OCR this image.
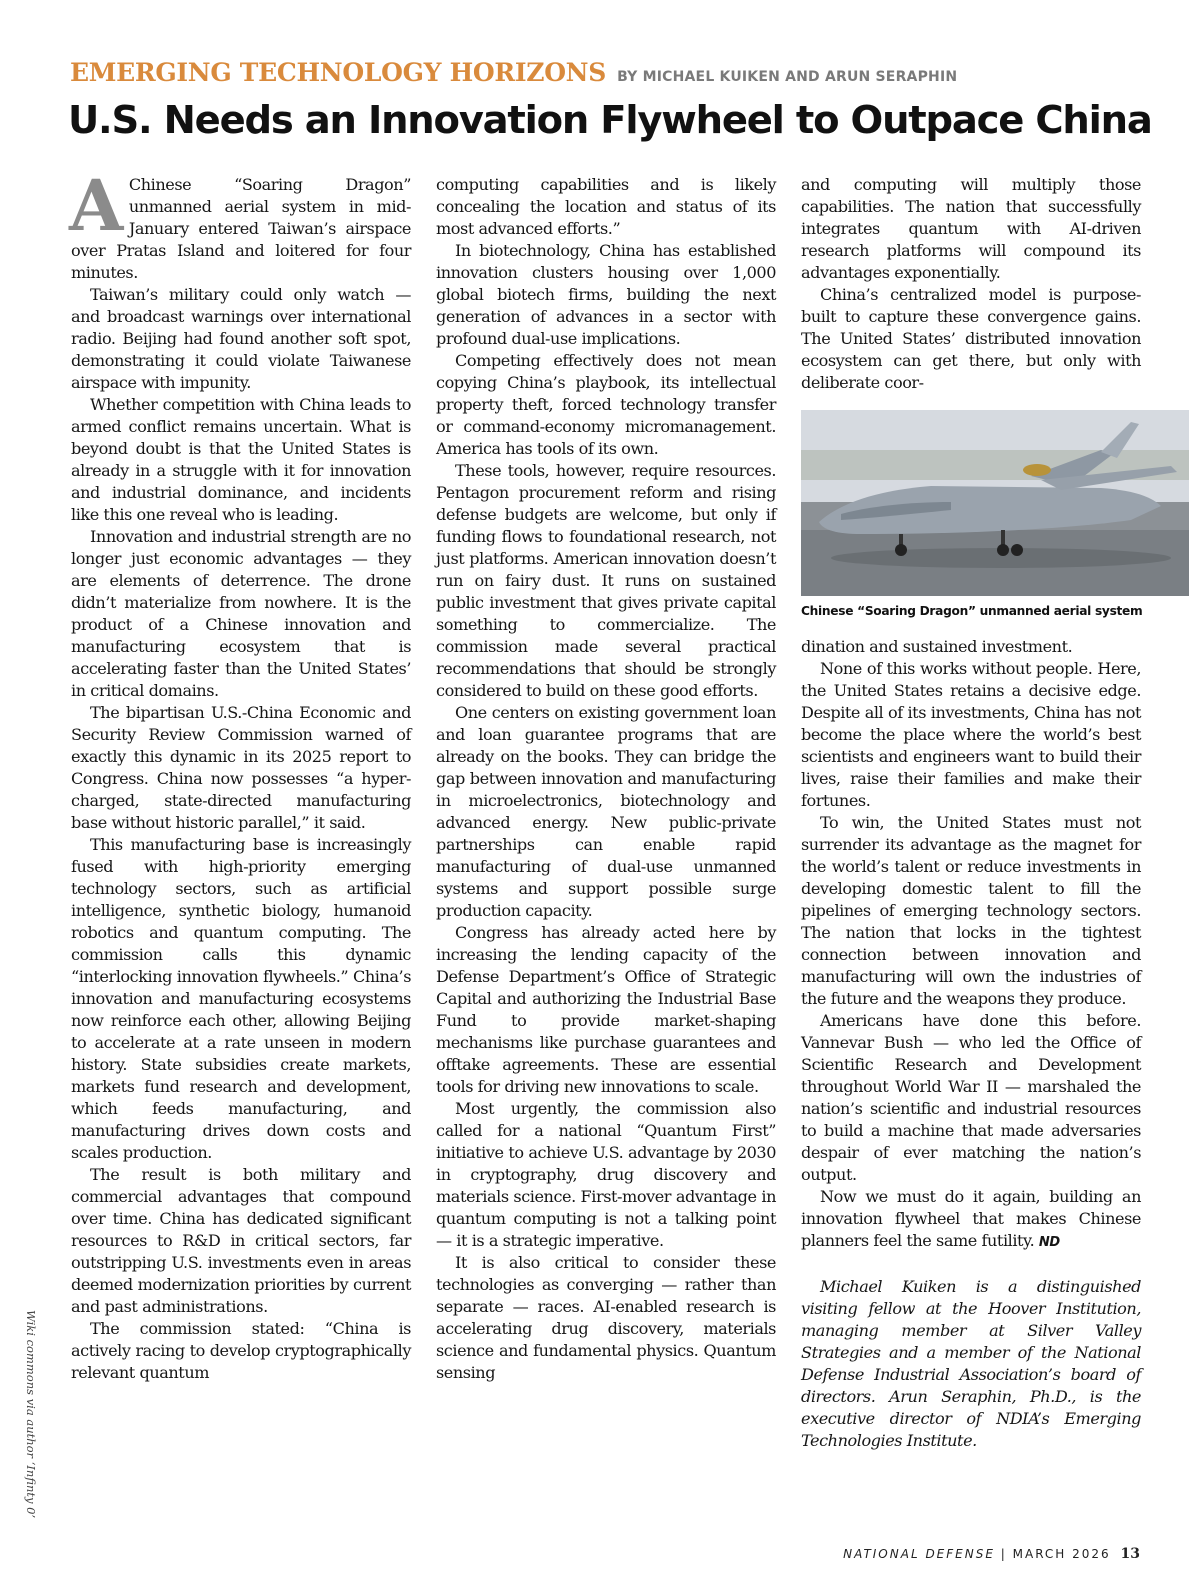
EMERGING TECHNOLOGY HORIZONS BY MICHAEL KUIKEN AND ARUN SERAPHIN
U.S. Needs an Innovation Flywheel to Outpace China

A Chinese “Soaring Dragon” unmanned aerial system in mid-January entered Taiwan’s airspace over Pratas Island and loitered for four minutes.

Taiwan’s military could only watch — and broadcast warnings over international radio. Beijing had found another soft spot, demonstrating it could violate Taiwanese airspace with impunity.

Whether competition with China leads to armed conflict remains uncertain. What is beyond doubt is that the United States is already in a struggle with it for innovation and industrial dominance, and incidents like this one reveal who is leading.

Innovation and industrial strength are no longer just economic advantages — they are elements of deterrence. The drone didn’t materialize from nowhere. It is the product of a Chinese innovation and manufacturing ecosystem that is accelerating faster than the United States’ in critical domains.

The bipartisan U.S.-China Economic and Security Review Commission warned of exactly this dynamic in its 2025 report to Congress. China now possesses “a hyper-charged, state-directed manufacturing base without historic parallel,” it said.

This manufacturing base is increasingly fused with high-priority emerging technology sectors, such as artificial intelligence, synthetic biology, humanoid robotics and quantum computing. The commission calls this dynamic “interlocking innovation flywheels.” China’s innovation and manufacturing ecosystems now reinforce each other, allowing Beijing to accelerate at a rate unseen in modern history. State subsidies create markets, markets fund research and development, which feeds manufacturing, and manufacturing drives down costs and scales production.

The result is both military and commercial advantages that compound over time. China has dedicated significant resources to R&D in critical sectors, far outstripping U.S. investments even in areas deemed modernization priorities by current and past administrations.

The commission stated: “China is actively racing to develop cryptographically relevant quantum

computing capabilities and is likely concealing the location and status of its most advanced efforts.”

In biotechnology, China has established innovation clusters housing over 1,000 global biotech firms, building the next generation of advances in a sector with profound dual-use implications.

Competing effectively does not mean copying China’s playbook, its intellectual property theft, forced technology transfer or command-economy micromanagement. America has tools of its own.

These tools, however, require resources. Pentagon procurement reform and rising defense budgets are welcome, but only if funding flows to foundational research, not just platforms. American innovation doesn’t run on fairy dust. It runs on sustained public investment that gives private capital something to commercialize. The commission made several practical recommendations that should be strongly considered to build on these good efforts.

One centers on existing government loan and loan guarantee programs that are already on the books. They can bridge the gap between innovation and manufacturing in microelectronics, biotechnology and advanced energy. New public-private partnerships can enable rapid manufacturing of dual-use unmanned systems and support possible surge production capacity.

Congress has already acted here by increasing the lending capacity of the Defense Department’s Office of Strategic Capital and authorizing the Industrial Base Fund to provide market-shaping mechanisms like purchase guarantees and offtake agreements. These are essential tools for driving new innovations to scale.

Most urgently, the commission also called for a national “Quantum First” initiative to achieve U.S. advantage by 2030 in cryptography, drug discovery and materials science. First-mover advantage in quantum computing is not a talking point — it is a strategic imperative.

It is also critical to consider these technologies as converging — rather than separate — races. AI-enabled research is accelerating drug discovery, materials science and fundamental physics. Quantum sensing

and computing will multiply those capabilities. The nation that successfully integrates quantum with AI-driven research platforms will compound its advantages exponentially.

China’s centralized model is purpose-built to capture these convergence gains. The United States’ distributed innovation ecosystem can get there, but only with deliberate coor-

Chinese “Soaring Dragon” unmanned aerial system

dination and sustained investment.

None of this works without people. Here, the United States retains a decisive edge. Despite all of its investments, China has not become the place where the world’s best scientists and engineers want to build their lives, raise their families and make their fortunes.

To win, the United States must not surrender its advantage as the magnet for the world’s talent or reduce investments in developing domestic talent to fill the pipelines of emerging technology sectors. The nation that locks in the tightest connection between innovation and manufacturing will own the industries of the future and the weapons they produce.

Americans have done this before. Vannevar Bush — who led the Office of Scientific Research and Development throughout World War II — marshaled the nation’s scientific and industrial resources to build a machine that made adversaries despair of ever matching the nation’s output.

Now we must do it again, building an innovation flywheel that makes Chinese planners feel the same futility. ND

Michael Kuiken is a distinguished visiting fellow at the Hoover Institution, managing member at Silver Valley Strategies and a member of the National Defense Industrial Association’s board of directors. Arun Seraphin, Ph.D., is the executive director of NDIA’s Emerging Technologies Institute.

Wiki commons via author ‘Infinty 0’
NATIONAL DEFENSE | MARCH 2026 13
